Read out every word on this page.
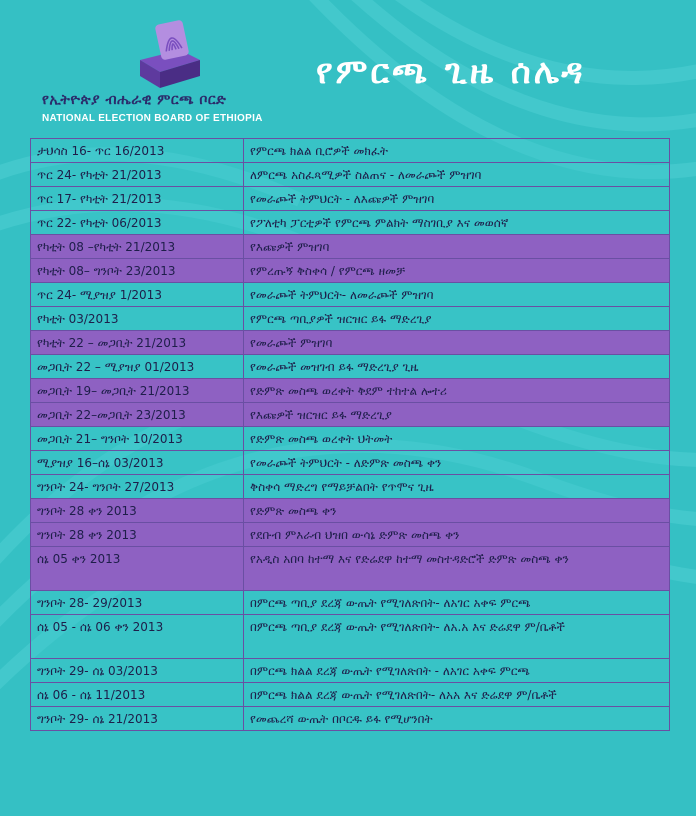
የኢትዮጵያ ብሔራዊ ምርጫ ቦርድ
NATIONAL ELECTION BOARD OF ETHIOPIA
የምርጫ ጊዜ ሰሌዳ
ታህሳስ 16- ጥር 16/2013	የምርጫ ክልል ቢሮዎች መክፈት
ጥር 24- የካቲት 21/2013	ለምርጫ አስፈጻሚዎች ስልጠና - ለመራጮች ምዝገባ
ጥር 17- የካቲት 21/2013	የመራጮች ትምህርት - ለእጩዎች ምዝገባ
ጥር 22- የካቲት 06/2013	የፖለቲካ ፓርቲዎች የምርጫ ምልክት ማስገቢያ እና መወሰኛ
የካቲት 08 –የካቲት 21/2013	የእጩዎች ምዝገባ
የካቲት 08– ግንቦት 23/2013	የምረጡኝ ቅስቀሳ / የምርጫ ዘመቻ
ጥር 24- ሚያዝያ 1/2013	የመራጮች ትምህርት- ለመራጮች ምዝገባ
የካቲት 03/2013	የምርጫ ጣቢያዎች ዝርዝር ይፋ ማድረጊያ
የካቲት 22 – መጋቢት 21/2013	የመራጮች ምዝገባ
መጋቢት 22 – ሚያዝያ 01/2013	የመራጮች መዝገብ ይፋ ማድረጊያ ጊዜ
መጋቢት 19– መጋቢት 21/2013	የድምጽ መስጫ ወረቀት ቅደም ተከተል ሎተሪ
መጋቢት 22–መጋቢት 23/2013	የእጩዎች ዝርዝር ይፋ ማድረጊያ
መጋቢት 21– ግንቦት 10/2013	የድምጽ መስጫ ወረቀት ህትመት
ሚያዝያ 16–ሰኔ 03/2013	የመራጮች ትምህርት - ለድምጽ መስጫ ቀን
ግንቦት 24- ግንቦት 27/2013	ቅስቀሳ ማድረግ የማይቻልበት የጥሞና ጊዜ
ግንቦት 28 ቀን 2013	የድምጽ መስጫ ቀን
ግንቦት 28 ቀን 2013	የደቡብ ምእራብ ህዝበ ውሳኔ ድምጽ መስጫ ቀን
ሰኔ 05 ቀን 2013	የአዲስ አበባ ከተማ እና የድሬደዋ ከተማ መስተዳድሮች ድምጽ መስጫ ቀን
ግንቦት 28- 29/2013	በምርጫ ጣቢያ ደረጃ ውጤት የሚገለጽበት- ለአገር አቀፍ ምርጫ
ሰኔ 05 - ሰኔ 06 ቀን 2013	በምርጫ ጣቢያ ደረጃ ውጤት የሚገለጽበት- ለአ.አ እና ድሬደዋ ም/ቤቶች
ግንቦት 29- ሰኔ 03/2013	በምርጫ ክልል ደረጃ ውጤት የሚገለጽበት - ለአገር አቀፍ ምርጫ
ሰኔ 06 - ሰኔ 11/2013	በምርጫ ክልል ደረጃ ውጤት የሚገለጽበት- ለአአ እና ድሬደዋ ም/ቤቶች
ግንቦት 29- ሰኔ 21/2013	የመጨረሻ ውጤት በቦርዱ ይፋ የሚሆንበት
